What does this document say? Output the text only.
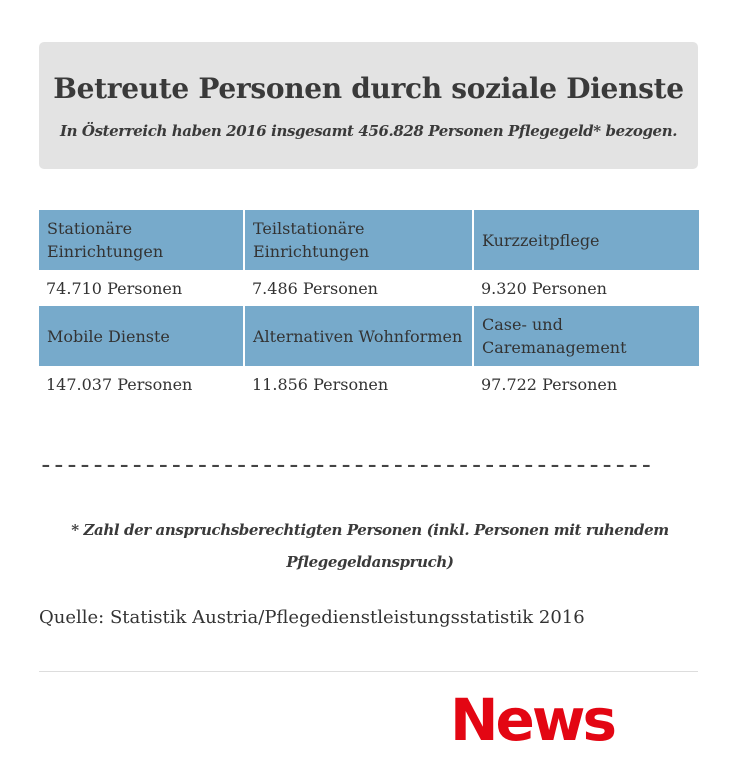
Betreute Personen durch soziale Dienste

In Österreich haben 2016 insgesamt 456.828 Personen Pflegegeld* bezogen.

Stationäre Einrichtungen	Teilstationäre Einrichtungen	Kurzzeitpflege
74.710 Personen	7.486 Personen	9.320 Personen
Mobile Dienste	Alternativen Wohnformen	Case- und Caremanagement
147.037 Personen	11.856 Personen	97.722 Personen
-----------------------------------------------

* Zahl der anspruchsberechtigten Personen (inkl. Personen mit ruhendem Pflegegeldanspruch)

Quelle: Statistik Austria/Pflegedienstleistungsstatistik 2016
News
